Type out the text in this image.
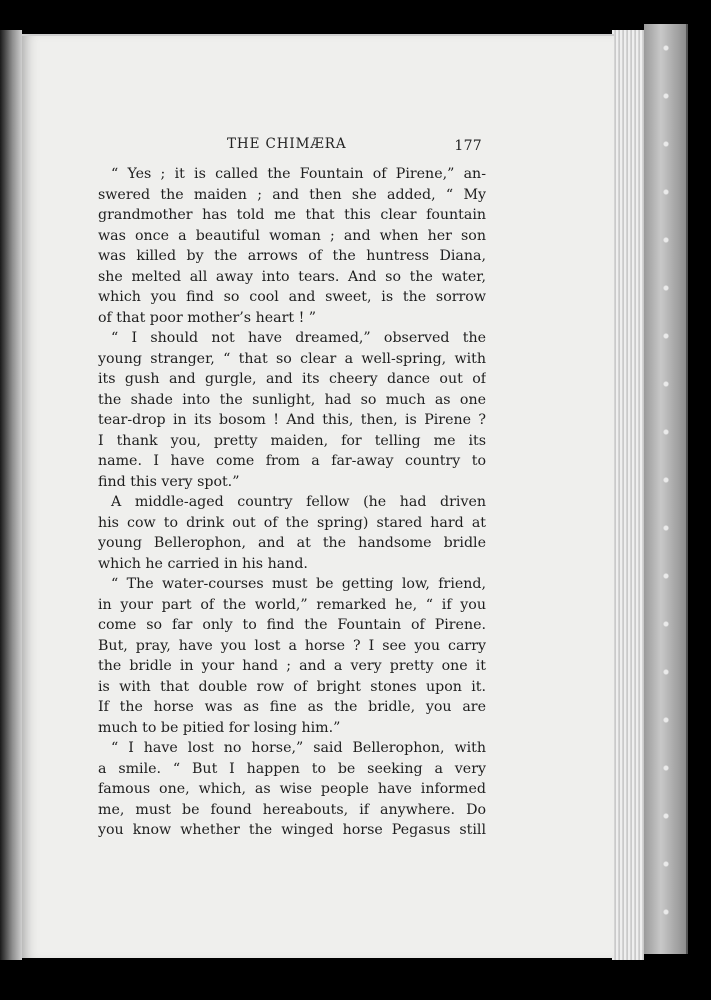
THE CHIMÆRA	177
“ Yes ; it is called the Fountain of Pirene,” an-
swered the maiden ; and then she added, “ My
grandmother has told me that this clear fountain
was once a beautiful woman ; and when her son
was killed by the arrows of the huntress Diana,
she melted all away into tears. And so the water,
which you find so cool and sweet, is the sorrow
of that poor mother’s heart ! ”
“ I should not have dreamed,” observed the
young stranger, “ that so clear a well-spring, with
its gush and gurgle, and its cheery dance out of
the shade into the sunlight, had so much as one
tear-drop in its bosom ! And this, then, is Pirene ?
I thank you, pretty maiden, for telling me its
name. I have come from a far-away country to
find this very spot.”
A middle-aged country fellow (he had driven
his cow to drink out of the spring) stared hard at
young Bellerophon, and at the handsome bridle
which he carried in his hand.
“ The water-courses must be getting low, friend,
in your part of the world,” remarked he, “ if you
come so far only to find the Fountain of Pirene.
But, pray, have you lost a horse ? I see you carry
the bridle in your hand ; and a very pretty one it
is with that double row of bright stones upon it.
If the horse was as fine as the bridle, you are
much to be pitied for losing him.”
“ I have lost no horse,” said Bellerophon, with
a smile. “ But I happen to be seeking a very
famous one, which, as wise people have informed
me, must be found hereabouts, if anywhere. Do
you know whether the winged horse Pegasus still
